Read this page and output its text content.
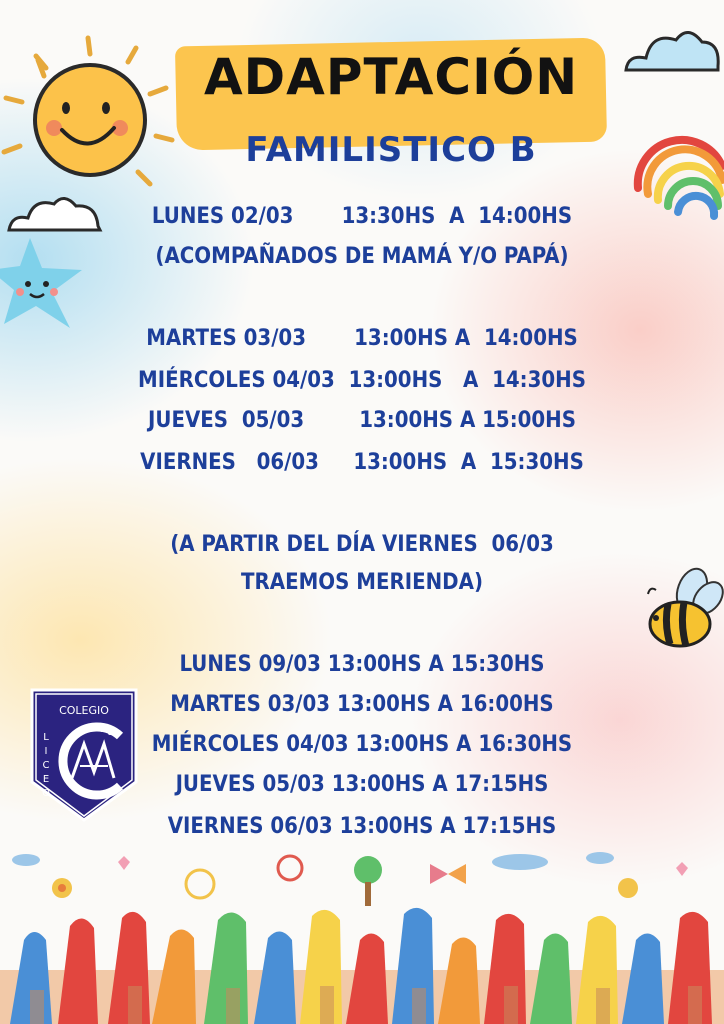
ADAPTACIÓN
FAMILISTICO B
LUNES 02/03       13:30HS  A  14:00HS
(ACOMPAÑADOS DE MAMÁ Y/O PAPÁ)
MARTES 03/03       13:00HS A  14:00HS
MIÉRCOLES 04/03  13:00HS   A  14:30HS
JUEVES  05/03        13:00HS A 15:00HS
VIERNES   06/03     13:00HS  A  15:30HS
(A PARTIR DEL DÍA VIERNES  06/03
TRAEMOS MERIENDA)
LUNES 09/03 13:00HS A 15:30HS
MARTES 03/03 13:00HS A 16:00HS
MIÉRCOLES 04/03 13:00HS A 16:30HS
JUEVES 05/03 13:00HS A 17:15HS
VIERNES 06/03 13:00HS A 17:15HS
COLEGIO
L
I
C
E
O
